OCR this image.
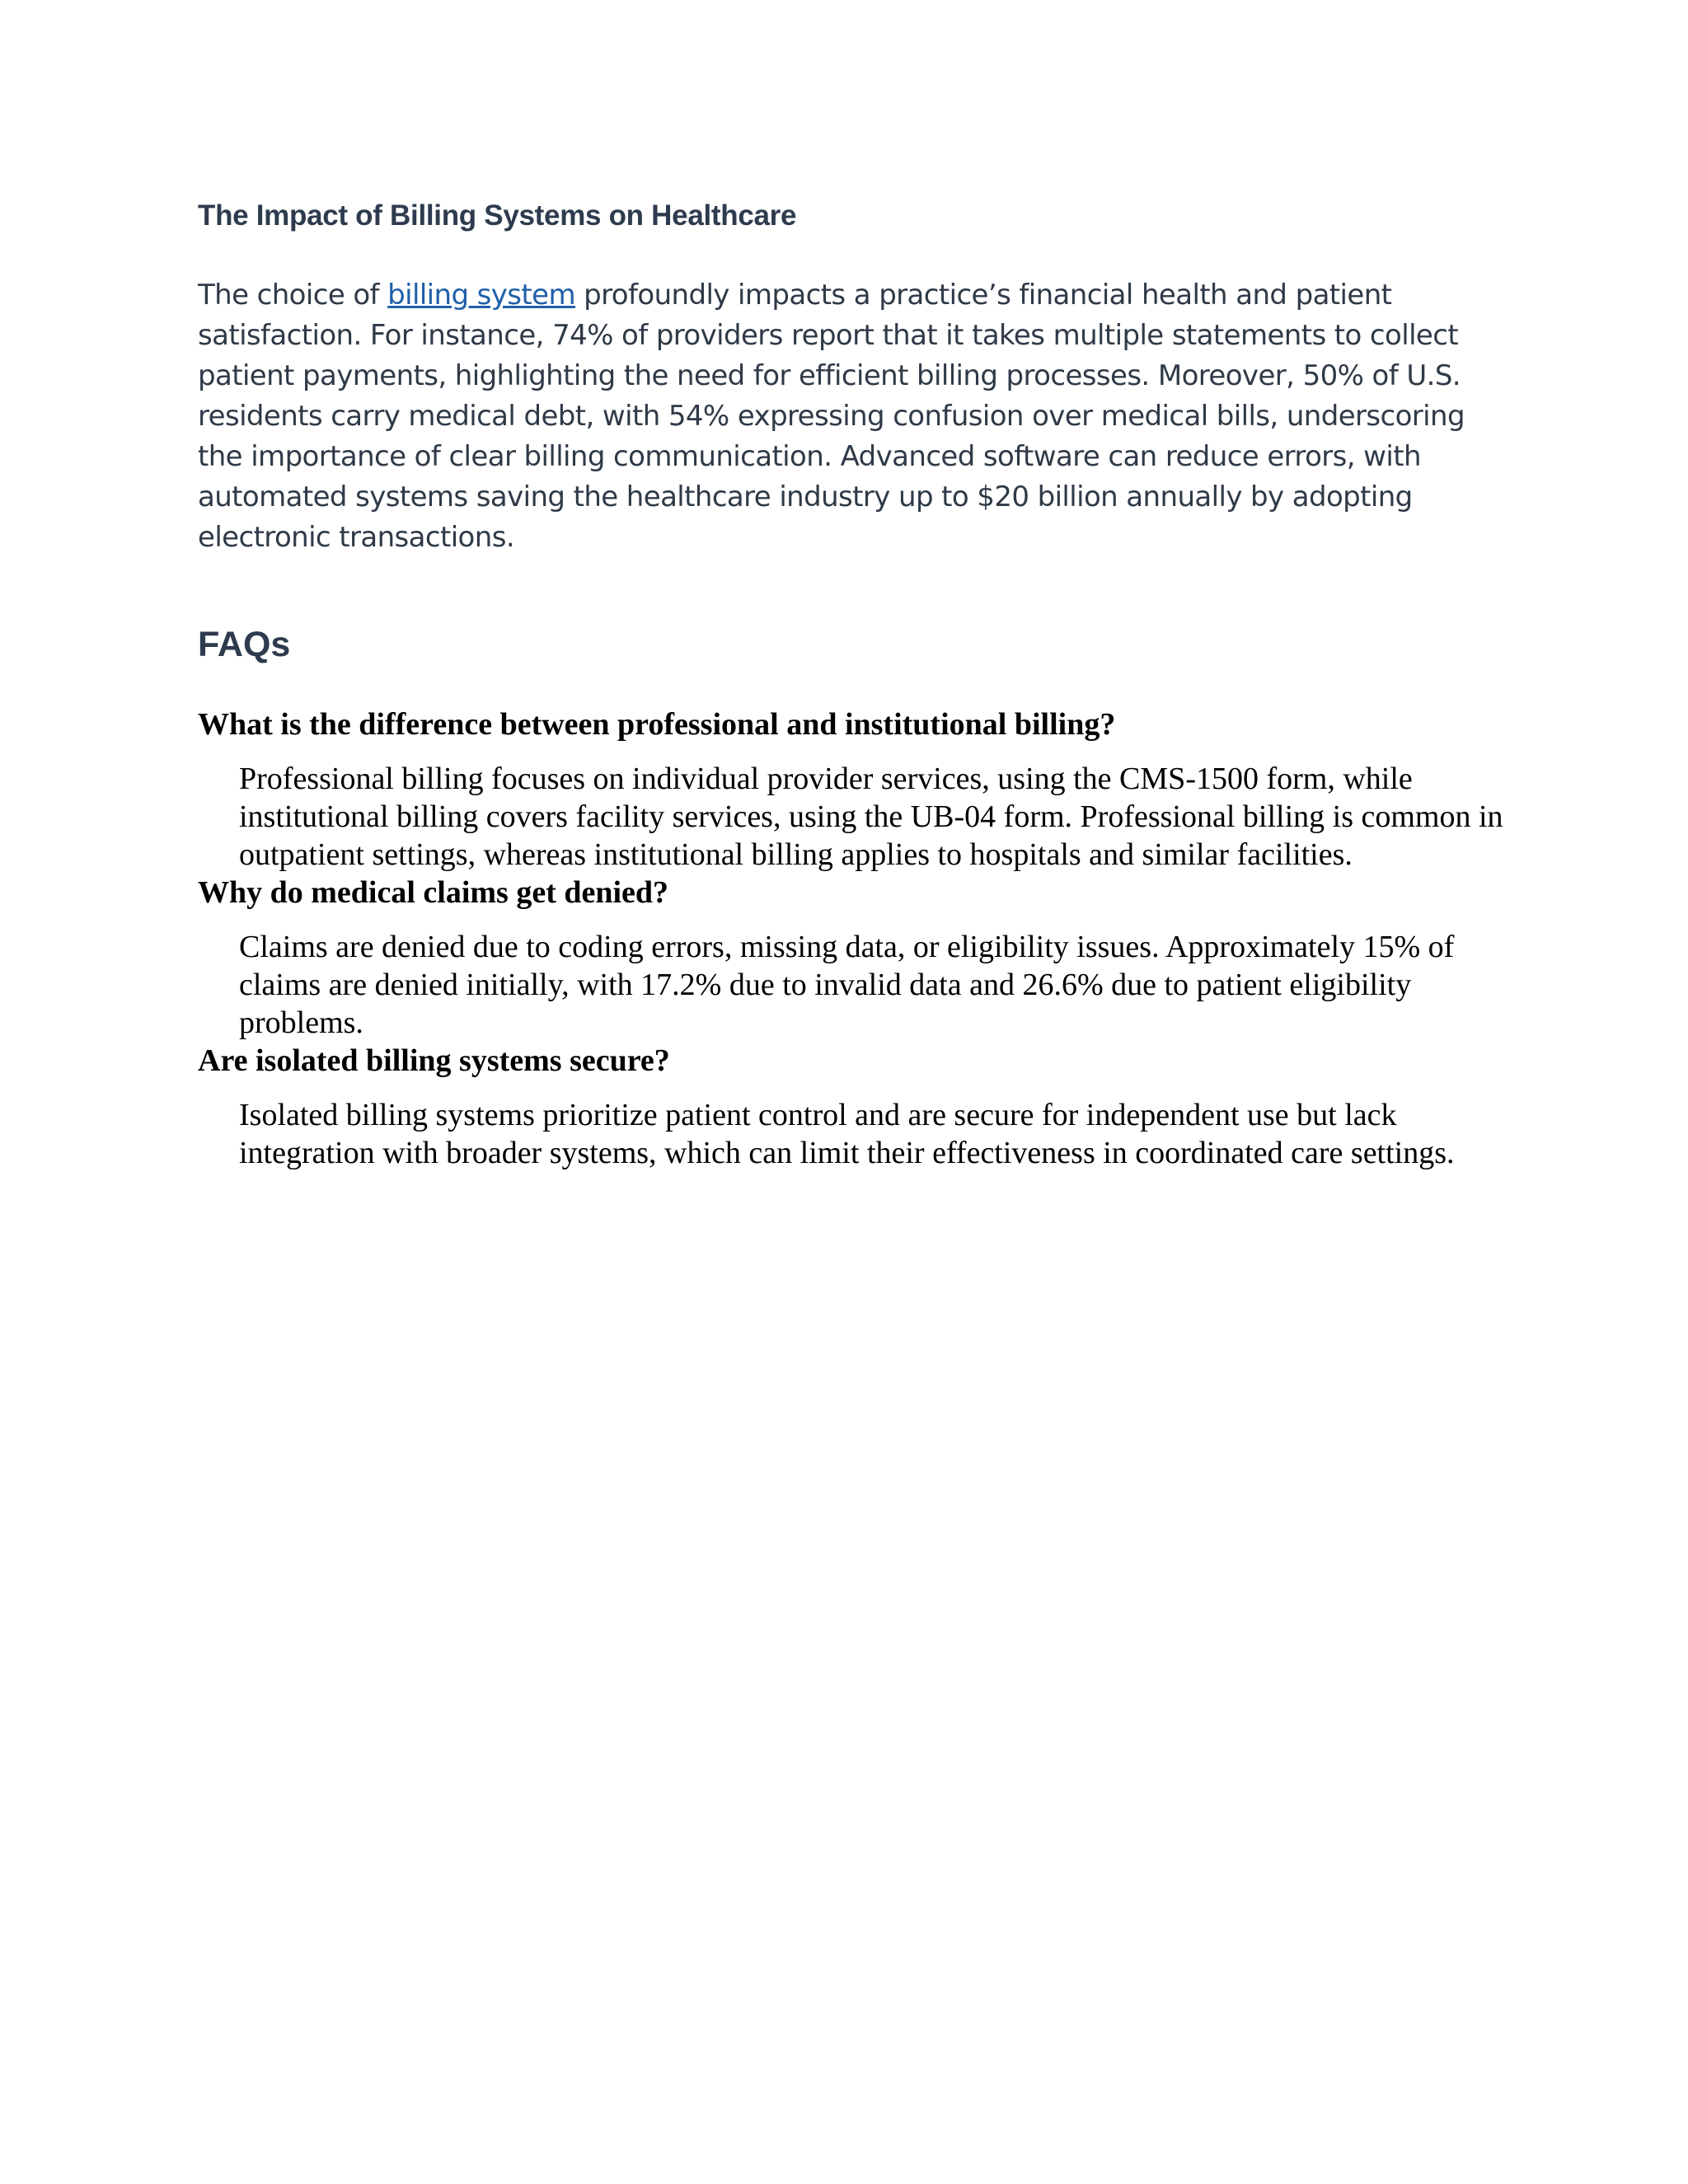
The Impact of Billing Systems on Healthcare

The choice of billing system profoundly impacts a practice’s financial health and patient satisfaction. For instance, 74% of providers report that it takes multiple statements to collect patient payments, highlighting the need for efficient billing processes. Moreover, 50% of U.S. residents carry medical debt, with 54% expressing confusion over medical bills, underscoring the importance of clear billing communication. Advanced software can reduce errors, with automated systems saving the healthcare industry up to $20 billion annually by adopting electronic transactions.

FAQs

What is the difference between professional and institutional billing?

Professional billing focuses on individual provider services, using the CMS-1500 form, while institutional billing covers facility services, using the UB-04 form. Professional billing is common in outpatient settings, whereas institutional billing applies to hospitals and similar facilities.

Why do medical claims get denied?

Claims are denied due to coding errors, missing data, or eligibility issues. Approximately 15% of claims are denied initially, with 17.2% due to invalid data and 26.6% due to patient eligibility problems.

Are isolated billing systems secure?

Isolated billing systems prioritize patient control and are secure for independent use but lack integration with broader systems, which can limit their effectiveness in coordinated care settings.
